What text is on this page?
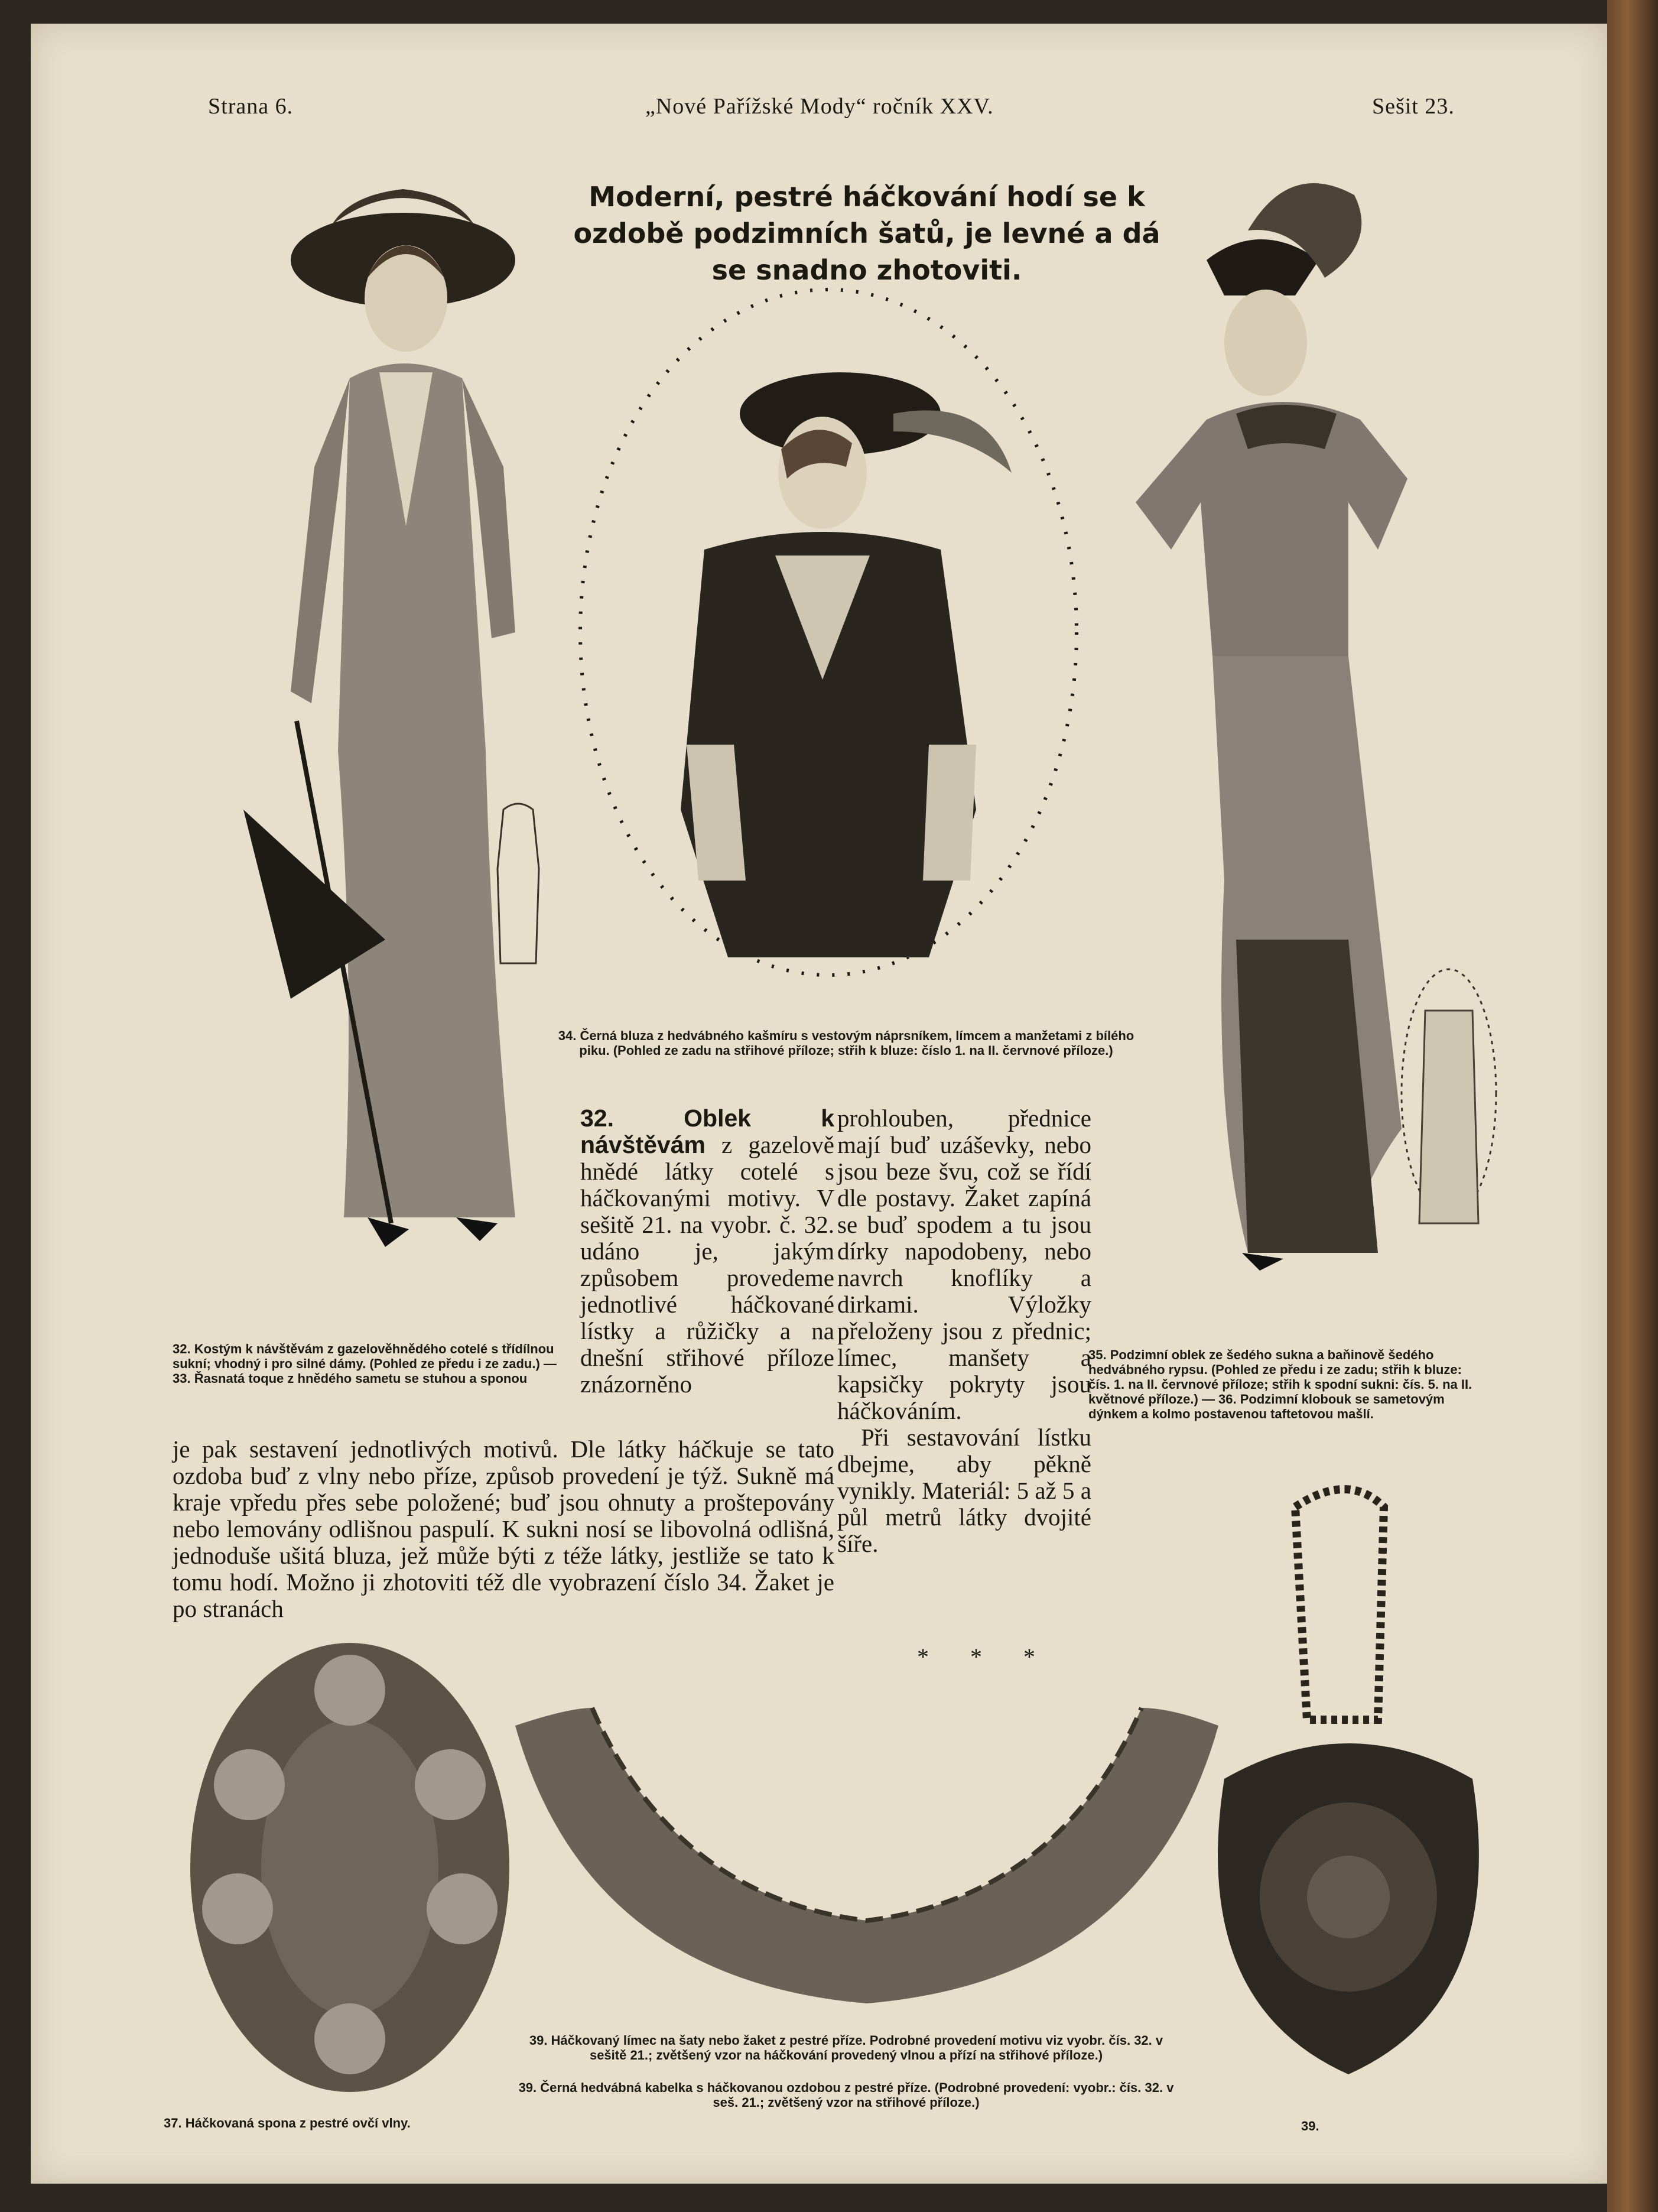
Strana 6.	„Nové Pařížské Mody“ ročník XXV.	Sešit 23.
Moderní, pestré háčkování hodí se k ozdobě podzimních šatů, je levné a dá se snadno zhotoviti.
34. Černá bluza z hedvábného kašmíru s vestovým náprsníkem, límcem a manžetami z bílého piku. (Pohled ze zadu na střihové příloze; střih k bluze: číslo 1. na II. červnové příloze.)
32. Kostým k návštěvám z gazelověhnědého cotelé s třídílnou sukní; vhodný i pro silné dámy. (Pohled ze předu i ze zadu.) — 33. Řasnatá toque z hnědého sametu se stuhou a sponou
35. Podzimní oblek ze šedého sukna a baňinově šedého hedvábného rypsu. (Pohled ze předu i ze zadu; střih k bluze: čís. 1. na II. červnové příloze; střih k spodní sukni: čís. 5. na II. květnové příloze.) — 36. Podzimní klobouk se sametovým dýnkem a kolmo postavenou taftetovou mašlí.
32. Oblek k návštěvám z gazelově hnědé látky cotelé s háčkovanými motivy. V sešitě 21. na vyobr. č. 32. udáno je, jakým způsobem provedeme jednotlivé háčkované lístky a růžičky a na dnešní střihové příloze znázorněno
je pak sestavení jednotlivých motivů. Dle látky háčkuje se tato ozdoba buď z vlny nebo příze, způsob provedení je týž. Sukně má kraje vpředu přes sebe položené; buď jsou ohnuty a proštepovány nebo lemovány odlišnou paspulí. K sukni nosí se libovolná odlišná, jednoduše ušitá bluza, jež může býti z téže látky, jestliže se tato k tomu hodí. Možno ji zhotoviti též dle vyobrazení číslo 34. Žaket je po stranách
prohlouben, přednice mají buď uzáševky, nebo jsou beze švu, což se řídí dle postavy. Žaket zapíná se buď spodem a tu jsou dírky napodobeny, nebo navrch knoflíky a dirkami. Výložky přeloženy jsou z přednic; límec, manšety a kapsičky pokryty jsou háčkováním.
Při sestavování lístku dbejme, aby pěkně vynikly. Materiál: 5 až 5 a půl metrů látky dvojité šíře.
* * *
37. Háčkovaná spona z pestré ovčí vlny.
39. Háčkovaný límec na šaty nebo žaket z pestré příze. Podrobné provedení motivu viz vyobr. čís. 32. v sešitě 21.; zvětšený vzor na háčkování provedený vlnou a přízí na střihové příloze.)
39. Černá hedvábná kabelka s háčkovanou ozdobou z pestré příze. (Podrobné provedení: vyobr.: čís. 32. v seš. 21.; zvětšený vzor na střihové příloze.)
39.
